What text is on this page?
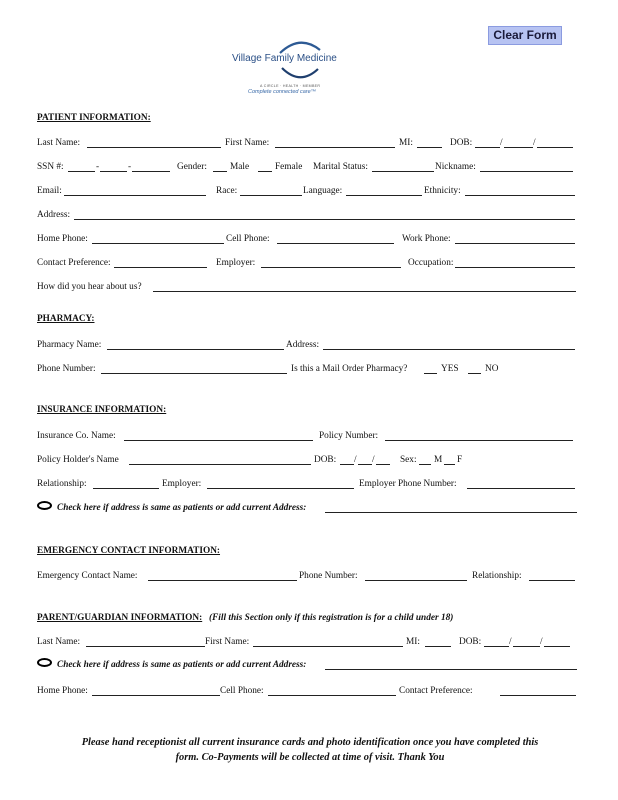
Clear Form
Village Family Medicine
A CIRCLE · HEALTH · MEMBER
Complete connected care™
PATIENT INFORMATION:
Last Name:	First Name:	MI:	DOB:	/	/
SSN #:	-	-	Gender: Male	Female Marital Status:	Nickname:
Email:	Race:	Language:	Ethnicity:
Address:
Home Phone:	Cell Phone:	Work Phone:
Contact Preference:	Employer:	Occupation:
How did you hear about us?
PHARMACY:
Pharmacy Name:	Address:
Phone Number:	Is this a Mail Order Pharmacy?	YES	NO
INSURANCE INFORMATION:
Insurance Co. Name:	Policy Number:
Policy Holder's Name	DOB: / /	Sex: M F
Relationship:	Employer:	Employer Phone Number:
Check here if address is same as patients or add current Address:
EMERGENCY CONTACT INFORMATION:
Emergency Contact Name:	Phone Number:	Relationship:
PARENT/GUARDIAN INFORMATION: (Fill this Section only if this registration is for a child under 18)
Last Name:	First Name:	MI:	DOB:	/	/
Check here if address is same as patients or add current Address:
Home Phone:	Cell Phone:	Contact Preference:
Please hand receptionist all current insurance cards and photo identification once you have completed this
form. Co-Payments will be collected at time of visit. Thank You
